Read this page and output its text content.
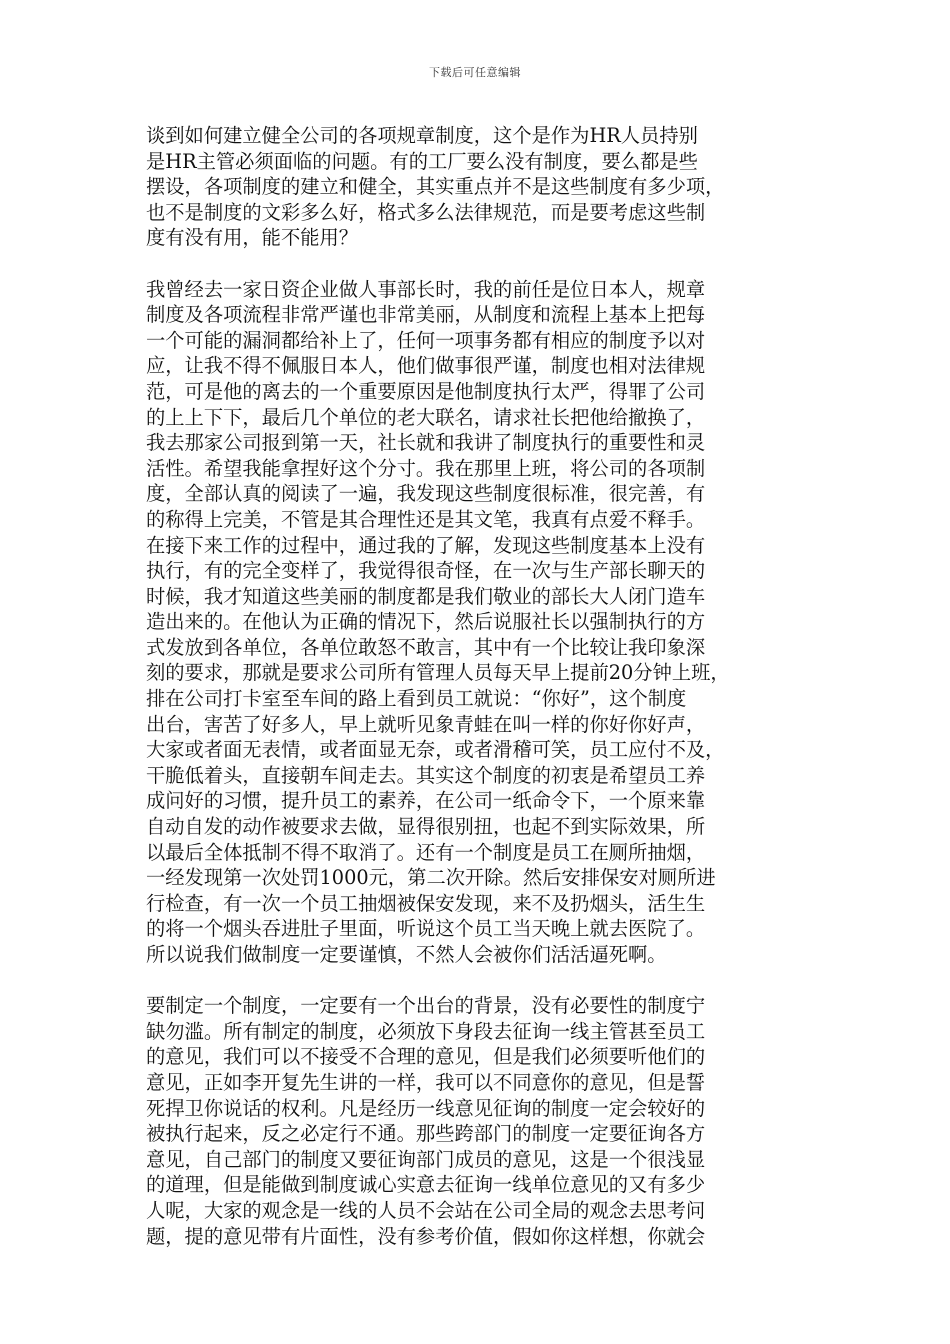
下载后可任意编辑

谈到如何建立健全公司的各项规章制度，这个是作为HR人员持别
是HR主管必须面临的问题。有的工厂要么没有制度，要么都是些
摆设，各项制度的建立和健全，其实重点并不是这些制度有多少项，
也不是制度的文彩多么好，格式多么法律规范，而是要考虑这些制
度有没有用，能不能用？

我曾经去一家日资企业做人事部长时，我的前任是位日本人，规章
制度及各项流程非常严谨也非常美丽，从制度和流程上基本上把每
一个可能的漏洞都给补上了，任何一项事务都有相应的制度予以对
应，让我不得不佩服日本人，他们做事很严谨，制度也相对法律规
范，可是他的离去的一个重要原因是他制度执行太严，得罪了公司
的上上下下，最后几个单位的老大联名，请求社长把他给撤换了，
我去那家公司报到第一天，社长就和我讲了制度执行的重要性和灵
活性。希望我能拿捏好这个分寸。我在那里上班，将公司的各项制
度，全部认真的阅读了一遍，我发现这些制度很标准，很完善，有
的称得上完美，不管是其合理性还是其文笔，我真有点爱不释手。
在接下来工作的过程中，通过我的了解，发现这些制度基本上没有
执行，有的完全变样了，我觉得很奇怪，在一次与生产部长聊天的
时候，我才知道这些美丽的制度都是我们敬业的部长大人闭门造车
造出来的。在他认为正确的情况下，然后说服社长以强制执行的方
式发放到各单位，各单位敢怒不敢言，其中有一个比较让我印象深
刻的要求，那就是要求公司所有管理人员每天早上提前20分钟上班，
排在公司打卡室至车间的路上看到员工就说：“你好”，这个制度
出台，害苦了好多人，早上就听见象青蛙在叫一样的你好你好声，
大家或者面无表情，或者面显无奈，或者滑稽可笑，员工应付不及，
干脆低着头，直接朝车间走去。其实这个制度的初衷是希望员工养
成问好的习惯，提升员工的素养，在公司一纸命令下，一个原来靠
自动自发的动作被要求去做，显得很别扭，也起不到实际效果，所
以最后全体抵制不得不取消了。还有一个制度是员工在厕所抽烟，
一经发现第一次处罚1000元，第二次开除。然后安排保安对厕所进
行检查，有一次一个员工抽烟被保安发现，来不及扔烟头，活生生
的将一个烟头吞进肚子里面，听说这个员工当天晚上就去医院了。
所以说我们做制度一定要谨慎，不然人会被你们活活逼死啊。

要制定一个制度，一定要有一个出台的背景，没有必要性的制度宁
缺勿滥。所有制定的制度，必须放下身段去征询一线主管甚至员工
的意见，我们可以不接受不合理的意见，但是我们必须要听他们的
意见，正如李开复先生讲的一样，我可以不同意你的意见，但是誓
死捍卫你说话的权利。凡是经历一线意见征询的制度一定会较好的
被执行起来，反之必定行不通。那些跨部门的制度一定要征询各方
意见，自己部门的制度又要征询部门成员的意见，这是一个很浅显
的道理，但是能做到制度诚心实意去征询一线单位意见的又有多少
人呢，大家的观念是一线的人员不会站在公司全局的观念去思考问
题，提的意见带有片面性，没有参考价值，假如你这样想，你就会
